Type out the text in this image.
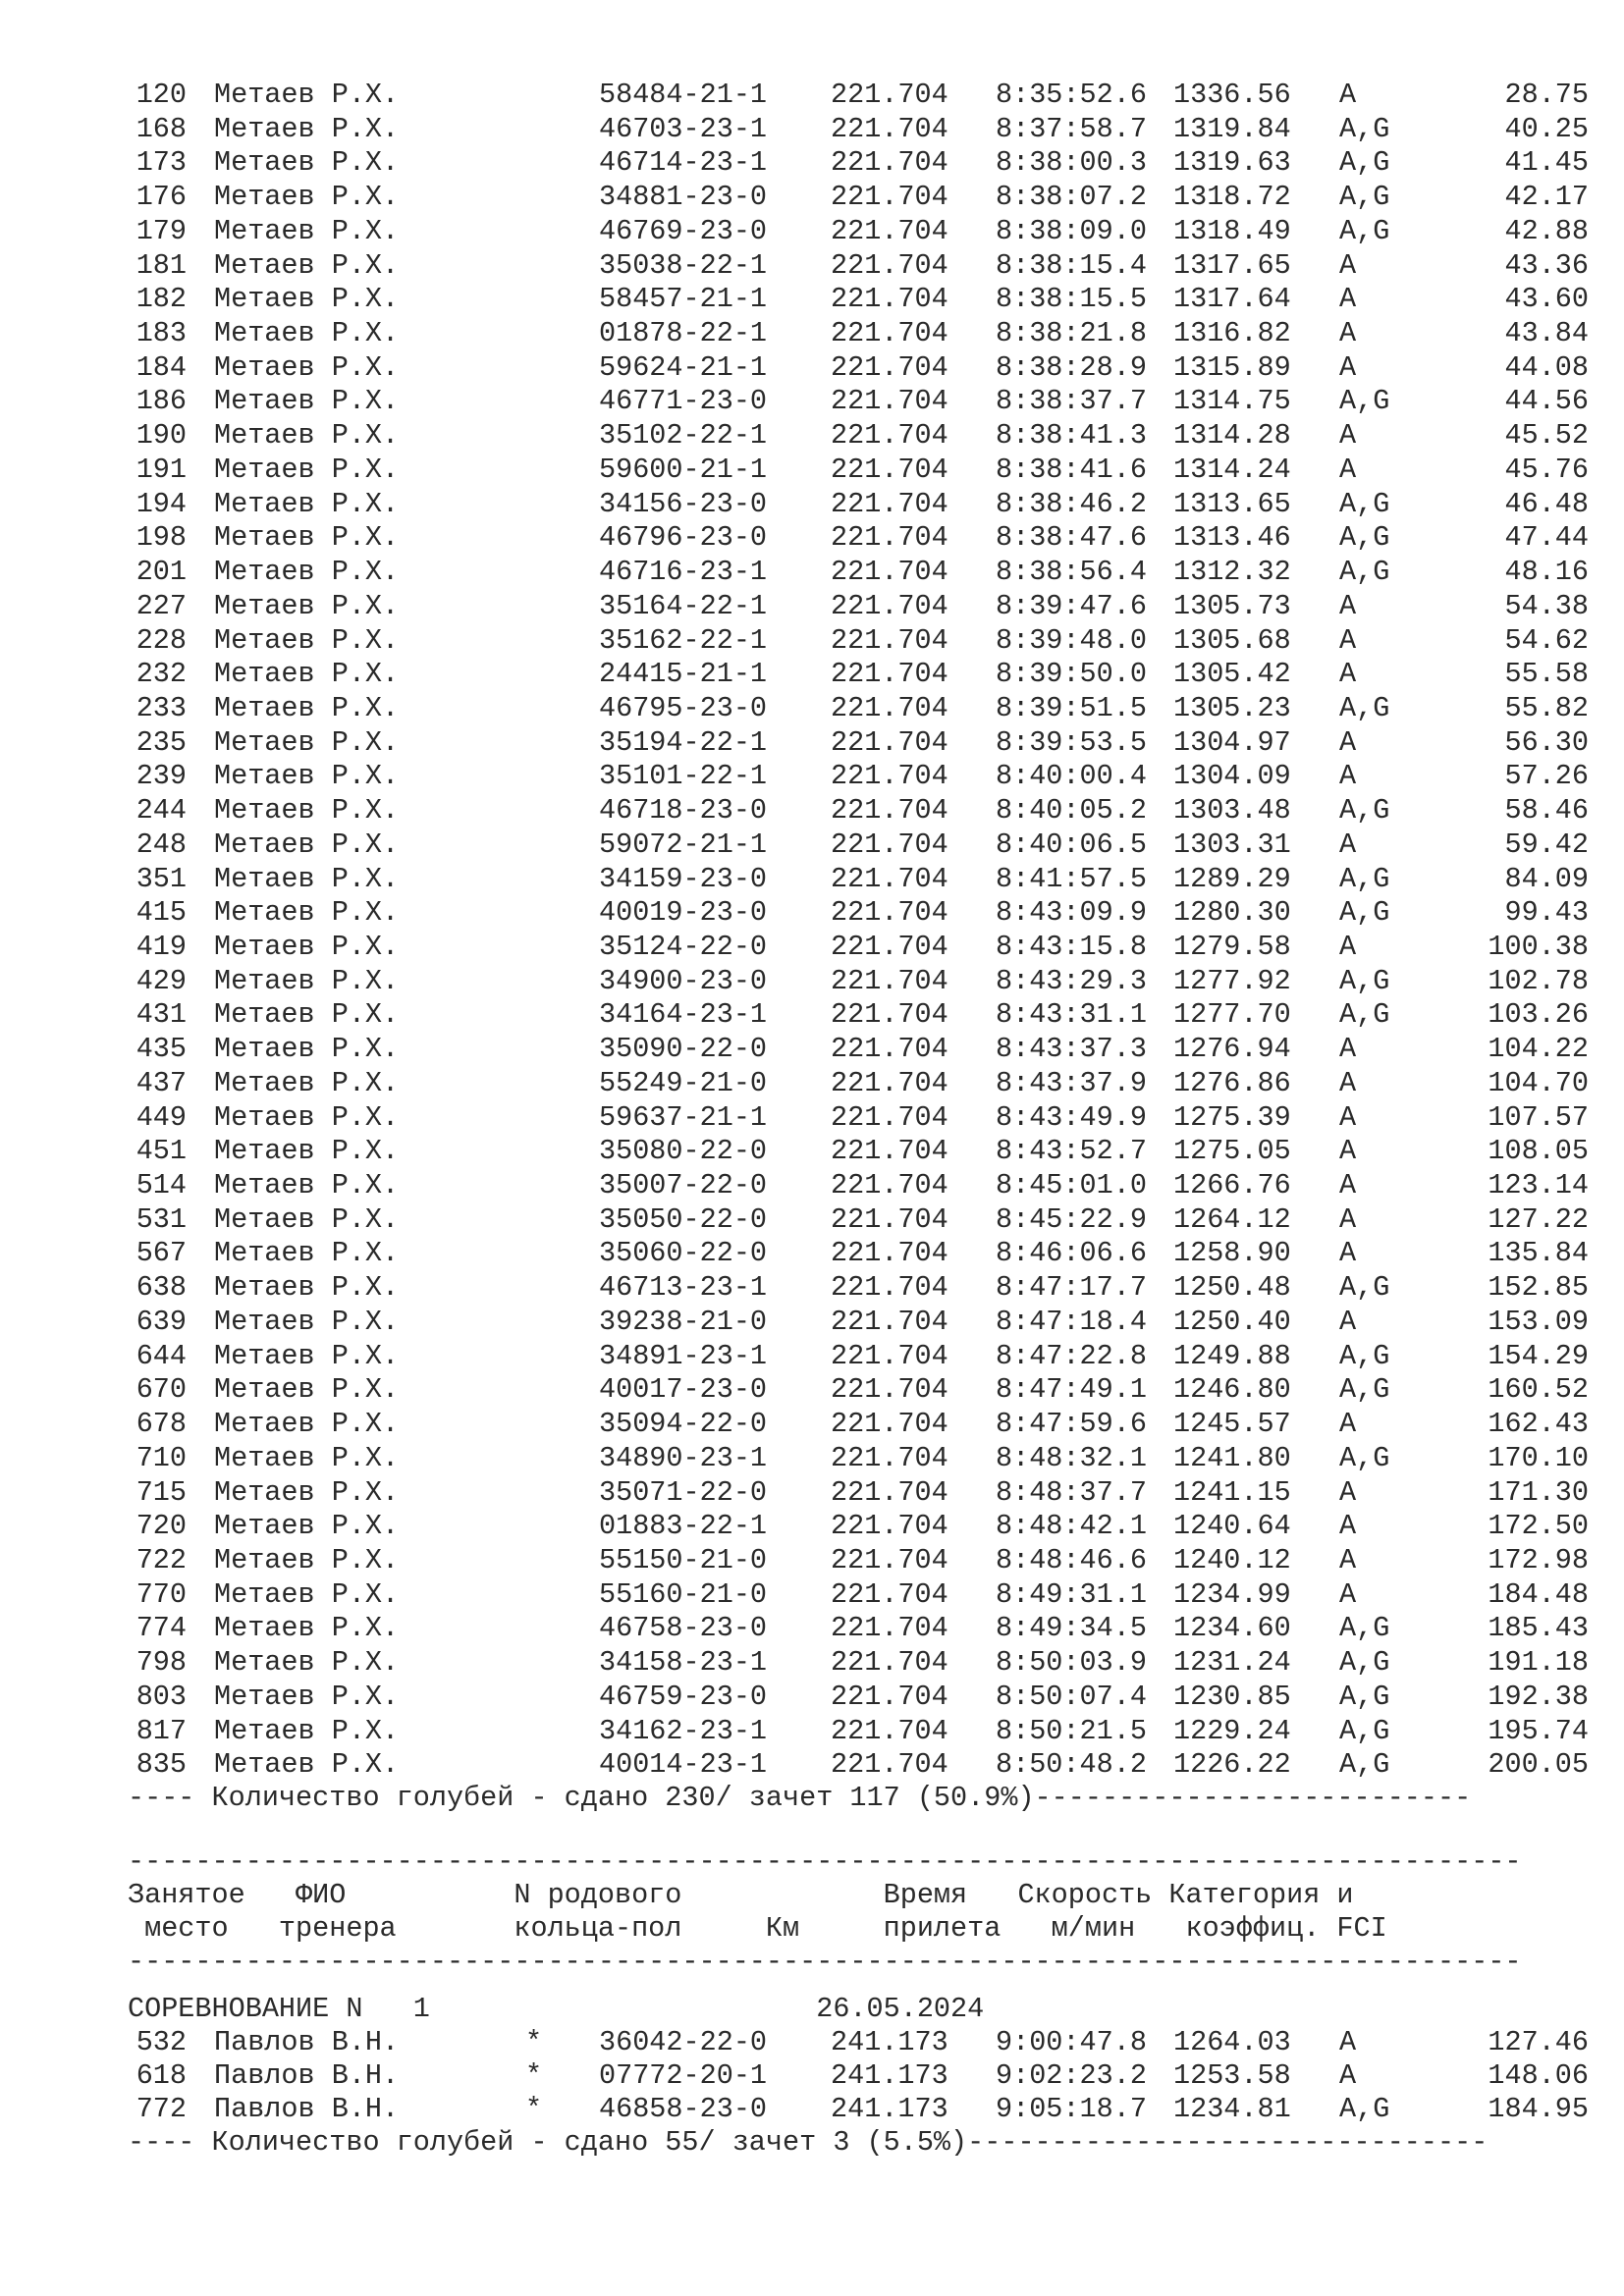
120 Метаев Р.Х.	58484-21-1 221.704 8:35:52.6 1336.56 A	28.75
168 Метаев Р.Х.	46703-23-1 221.704 8:37:58.7 1319.84 A,G	40.25
173 Метаев Р.Х.	46714-23-1 221.704 8:38:00.3 1319.63 A,G	41.45
176 Метаев Р.Х.	34881-23-0 221.704 8:38:07.2 1318.72 A,G	42.17
179 Метаев Р.Х.	46769-23-0 221.704 8:38:09.0 1318.49 A,G	42.88
181 Метаев Р.Х.	35038-22-1 221.704 8:38:15.4 1317.65 A	43.36
182 Метаев Р.Х.	58457-21-1 221.704 8:38:15.5 1317.64 A	43.60
183 Метаев Р.Х.	01878-22-1 221.704 8:38:21.8 1316.82 A	43.84
184 Метаев Р.Х.	59624-21-1 221.704 8:38:28.9 1315.89 A	44.08
186 Метаев Р.Х.	46771-23-0 221.704 8:38:37.7 1314.75 A,G	44.56
190 Метаев Р.Х.	35102-22-1 221.704 8:38:41.3 1314.28 A	45.52
191 Метаев Р.Х.	59600-21-1 221.704 8:38:41.6 1314.24 A	45.76
194 Метаев Р.Х.	34156-23-0 221.704 8:38:46.2 1313.65 A,G	46.48
198 Метаев Р.Х.	46796-23-0 221.704 8:38:47.6 1313.46 A,G	47.44
201 Метаев Р.Х.	46716-23-1 221.704 8:38:56.4 1312.32 A,G	48.16
227 Метаев Р.Х.	35164-22-1 221.704 8:39:47.6 1305.73 A	54.38
228 Метаев Р.Х.	35162-22-1 221.704 8:39:48.0 1305.68 A	54.62
232 Метаев Р.Х.	24415-21-1 221.704 8:39:50.0 1305.42 A	55.58
233 Метаев Р.Х.	46795-23-0 221.704 8:39:51.5 1305.23 A,G	55.82
235 Метаев Р.Х.	35194-22-1 221.704 8:39:53.5 1304.97 A	56.30
239 Метаев Р.Х.	35101-22-1 221.704 8:40:00.4 1304.09 A	57.26
244 Метаев Р.Х.	46718-23-0 221.704 8:40:05.2 1303.48 A,G	58.46
248 Метаев Р.Х.	59072-21-1 221.704 8:40:06.5 1303.31 A	59.42
351 Метаев Р.Х.	34159-23-0 221.704 8:41:57.5 1289.29 A,G	84.09
415 Метаев Р.Х.	40019-23-0 221.704 8:43:09.9 1280.30 A,G	99.43
419 Метаев Р.Х.	35124-22-0 221.704 8:43:15.8 1279.58 A	100.38
429 Метаев Р.Х.	34900-23-0 221.704 8:43:29.3 1277.92 A,G	102.78
431 Метаев Р.Х.	34164-23-1 221.704 8:43:31.1 1277.70 A,G	103.26
435 Метаев Р.Х.	35090-22-0 221.704 8:43:37.3 1276.94 A	104.22
437 Метаев Р.Х.	55249-21-0 221.704 8:43:37.9 1276.86 A	104.70
449 Метаев Р.Х.	59637-21-1 221.704 8:43:49.9 1275.39 A	107.57
451 Метаев Р.Х.	35080-22-0 221.704 8:43:52.7 1275.05 A	108.05
514 Метаев Р.Х.	35007-22-0 221.704 8:45:01.0 1266.76 A	123.14
531 Метаев Р.Х.	35050-22-0 221.704 8:45:22.9 1264.12 A	127.22
567 Метаев Р.Х.	35060-22-0 221.704 8:46:06.6 1258.90 A	135.84
638 Метаев Р.Х.	46713-23-1 221.704 8:47:17.7 1250.48 A,G	152.85
639 Метаев Р.Х.	39238-21-0 221.704 8:47:18.4 1250.40 A	153.09
644 Метаев Р.Х.	34891-23-1 221.704 8:47:22.8 1249.88 A,G	154.29
670 Метаев Р.Х.	40017-23-0 221.704 8:47:49.1 1246.80 A,G	160.52
678 Метаев Р.Х.	35094-22-0 221.704 8:47:59.6 1245.57 A	162.43
710 Метаев Р.Х.	34890-23-1 221.704 8:48:32.1 1241.80 A,G	170.10
715 Метаев Р.Х.	35071-22-0 221.704 8:48:37.7 1241.15 A	171.30
720 Метаев Р.Х.	01883-22-1 221.704 8:48:42.1 1240.64 A	172.50
722 Метаев Р.Х.	55150-21-0 221.704 8:48:46.6 1240.12 A	172.98
770 Метаев Р.Х.	55160-21-0 221.704 8:49:31.1 1234.99 A	184.48
774 Метаев Р.Х.	46758-23-0 221.704 8:49:34.5 1234.60 A,G	185.43
798 Метаев Р.Х.	34158-23-1 221.704 8:50:03.9 1231.24 A,G	191.18
803 Метаев Р.Х.	46759-23-0 221.704 8:50:07.4 1230.85 A,G	192.38
817 Метаев Р.Х.	34162-23-1 221.704 8:50:21.5 1229.24 A,G	195.74
835 Метаев Р.Х.	40014-23-1 221.704 8:50:48.2 1226.22 A,G	200.05
---- Количество голубей - сдано 230/ зачет 117 (50.9%)--------------------------
-----------------------------------------------------------------------------------
Занятое   ФИО          N родового            Время   Скорость Категория и
место   тренера       кольца-пол     Км     прилета   м/мин   коэффиц. FCI
-----------------------------------------------------------------------------------
СОРЕВНОВАНИЕ N   1                       26.05.2024
532 Павлов В.Н.	* 36042-22-0 241.173 9:00:47.8 1264.03 A	127.46
618 Павлов В.Н.	* 07772-20-1 241.173 9:02:23.2 1253.58 A	148.06
772 Павлов В.Н.	* 46858-23-0 241.173 9:05:18.7 1234.81 A,G	184.95
---- Количество голубей - сдано 55/ зачет 3 (5.5%)-------------------------------
